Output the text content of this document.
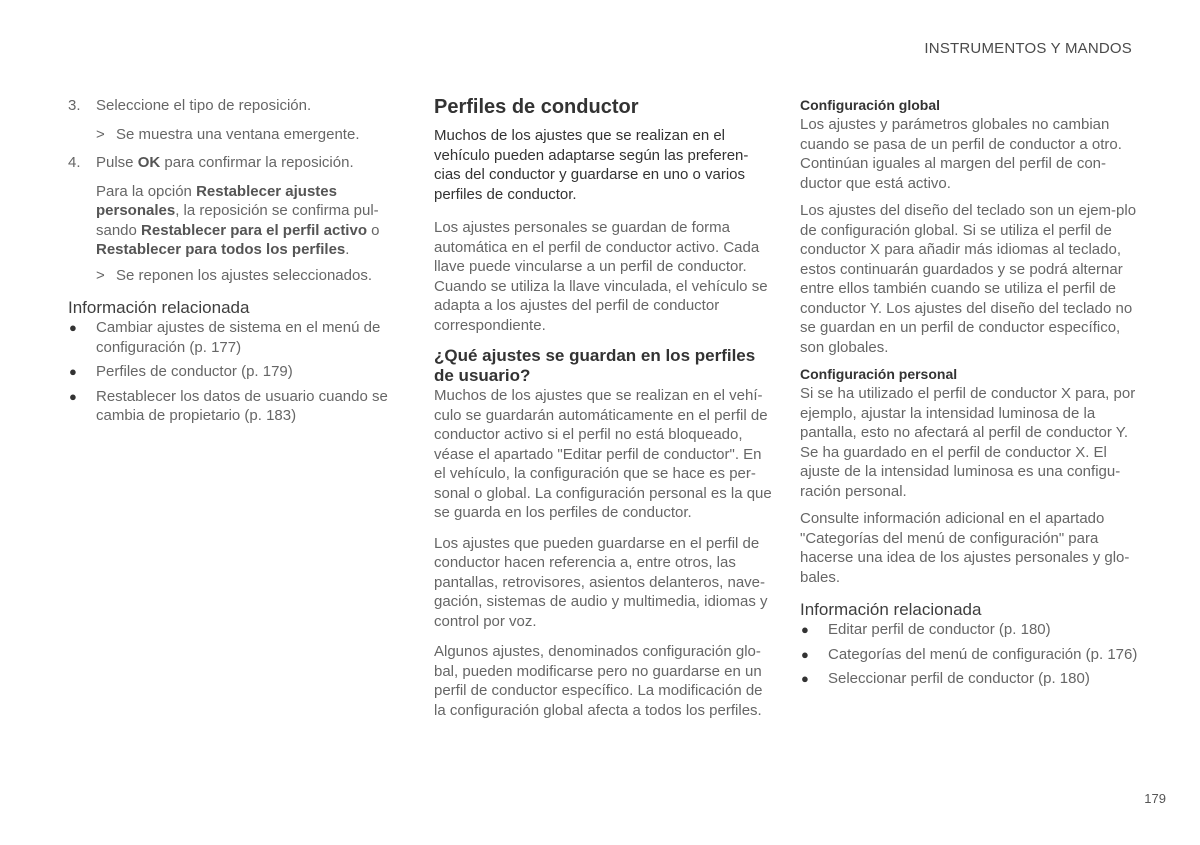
INSTRUMENTOS Y MANDOS
3. Seleccione el tipo de reposición.
> Se muestra una ventana emergente.
4. Pulse OK para confirmar la reposición.
Para la opción Restablecer ajustes personales, la reposición se confirma pul-sando Restablecer para el perfil activo o Restablecer para todos los perfiles.
> Se reponen los ajustes seleccionados.
Información relacionada
● Cambiar ajustes de sistema en el menú de configuración (p. 177)
● Perfiles de conductor (p. 179)
● Restablecer los datos de usuario cuando se cambia de propietario (p. 183)
Perfiles de conductor

Muchos de los ajustes que se realizan en el vehículo pueden adaptarse según las preferen-cias del conductor y guardarse en uno o varios perfiles de conductor.

Los ajustes personales se guardan de forma automática en el perfil de conductor activo. Cada llave puede vincularse a un perfil de conductor. Cuando se utiliza la llave vinculada, el vehículo se adapta a los ajustes del perfil de conductor correspondiente.

¿Qué ajustes se guardan en los perfiles de usuario?

Muchos de los ajustes que se realizan en el vehí-culo se guardarán automáticamente en el perfil de conductor activo si el perfil no está bloqueado, véase el apartado "Editar perfil de conductor". En el vehículo, la configuración que se hace es per-sonal o global. La configuración personal es la que se guarda en los perfiles de conductor.

Los ajustes que pueden guardarse en el perfil de conductor hacen referencia a, entre otros, las pantallas, retrovisores, asientos delanteros, nave-gación, sistemas de audio y multimedia, idiomas y control por voz.

Algunos ajustes, denominados configuración glo-bal, pueden modificarse pero no guardarse en un perfil de conductor específico. La modificación de la configuración global afecta a todos los perfiles.

Configuración global

Los ajustes y parámetros globales no cambian cuando se pasa de un perfil de conductor a otro. Continúan iguales al margen del perfil de con-ductor que está activo.

Los ajustes del diseño del teclado son un ejem-plo de configuración global. Si se utiliza el perfil de conductor X para añadir más idiomas al teclado, estos continuarán guardados y se podrá alternar entre ellos también cuando se utiliza el perfil de conductor Y. Los ajustes del diseño del teclado no se guardan en un perfil de conductor específico, son globales.

Configuración personal

Si se ha utilizado el perfil de conductor X para, por ejemplo, ajustar la intensidad luminosa de la pantalla, esto no afectará al perfil de conductor Y. Se ha guardado en el perfil de conductor X. El ajuste de la intensidad luminosa es una configu-ración personal.

Consulte información adicional en el apartado "Categorías del menú de configuración" para hacerse una idea de los ajustes personales y glo-bales.

Información relacionada
● Editar perfil de conductor (p. 180)
● Categorías del menú de configuración (p. 176)
● Seleccionar perfil de conductor (p. 180)
179
